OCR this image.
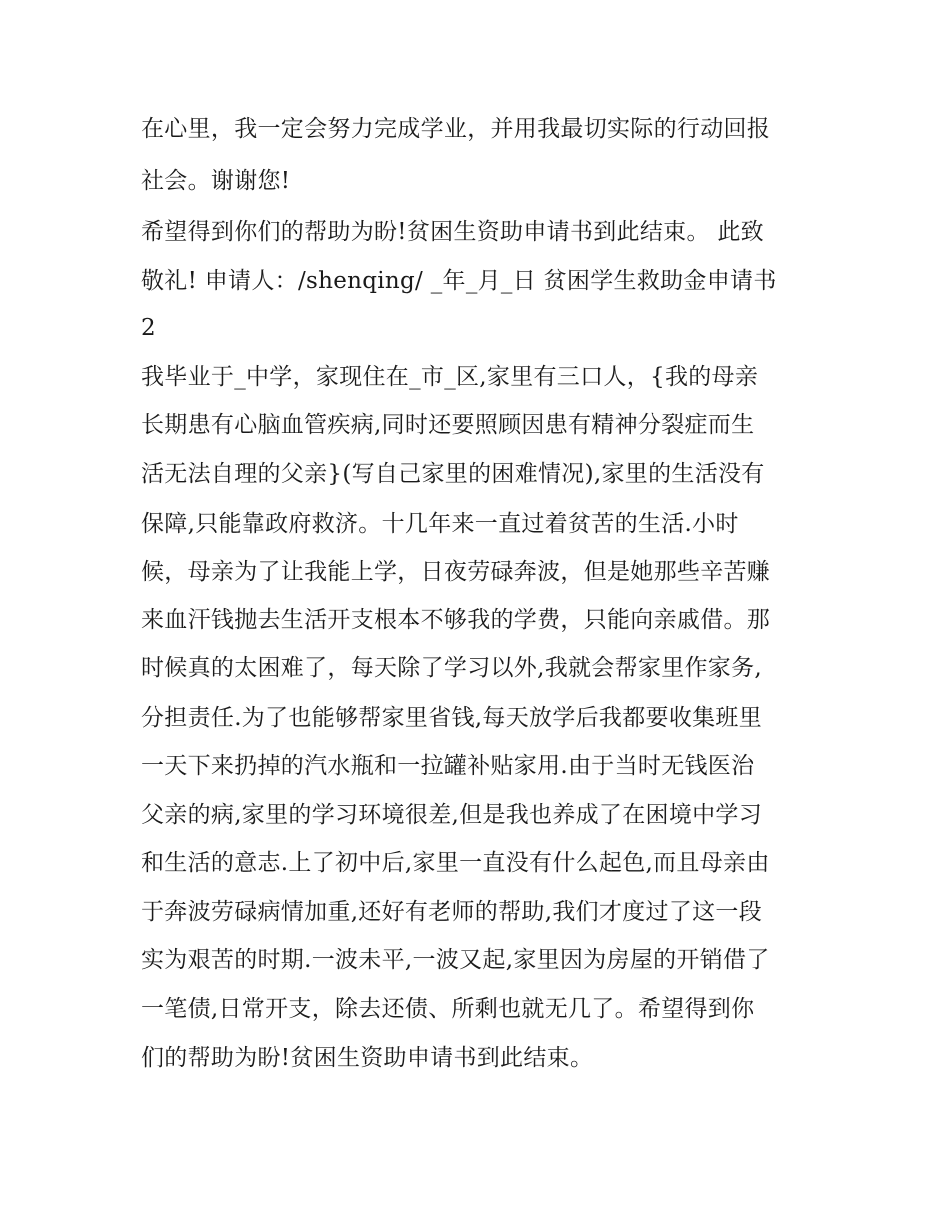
在心里，我一定会努力完成学业，并用我最切实际的行动回报
社会。谢谢您!
希望得到你们的帮助为盼!贫困生资助申请书到此结束。 此致
敬礼! 申请人：/shenqing/ _年_月_日 贫困学生救助金申请书
2
我毕业于_中学，家现住在_市_区,家里有三口人，{我的母亲
长期患有心脑血管疾病,同时还要照顾因患有精神分裂症而生
活无法自理的父亲}(写自己家里的困难情况),家里的生活没有
保障,只能靠政府救济。十几年来一直过着贫苦的生活.小时
候，母亲为了让我能上学，日夜劳碌奔波，但是她那些辛苦赚
来血汗钱抛去生活开支根本不够我的学费，只能向亲戚借。那
时候真的太困难了，每天除了学习以外,我就会帮家里作家务,
分担责任.为了也能够帮家里省钱,每天放学后我都要收集班里
一天下来扔掉的汽水瓶和一拉罐补贴家用.由于当时无钱医治
父亲的病,家里的学习环境很差,但是我也养成了在困境中学习
和生活的意志.上了初中后,家里一直没有什么起色,而且母亲由
于奔波劳碌病情加重,还好有老师的帮助,我们才度过了这一段
实为艰苦的时期.一波未平,一波又起,家里因为房屋的开销借了
一笔债,日常开支，除去还债、所剩也就无几了。希望得到你
们的帮助为盼!贫困生资助申请书到此结束。
